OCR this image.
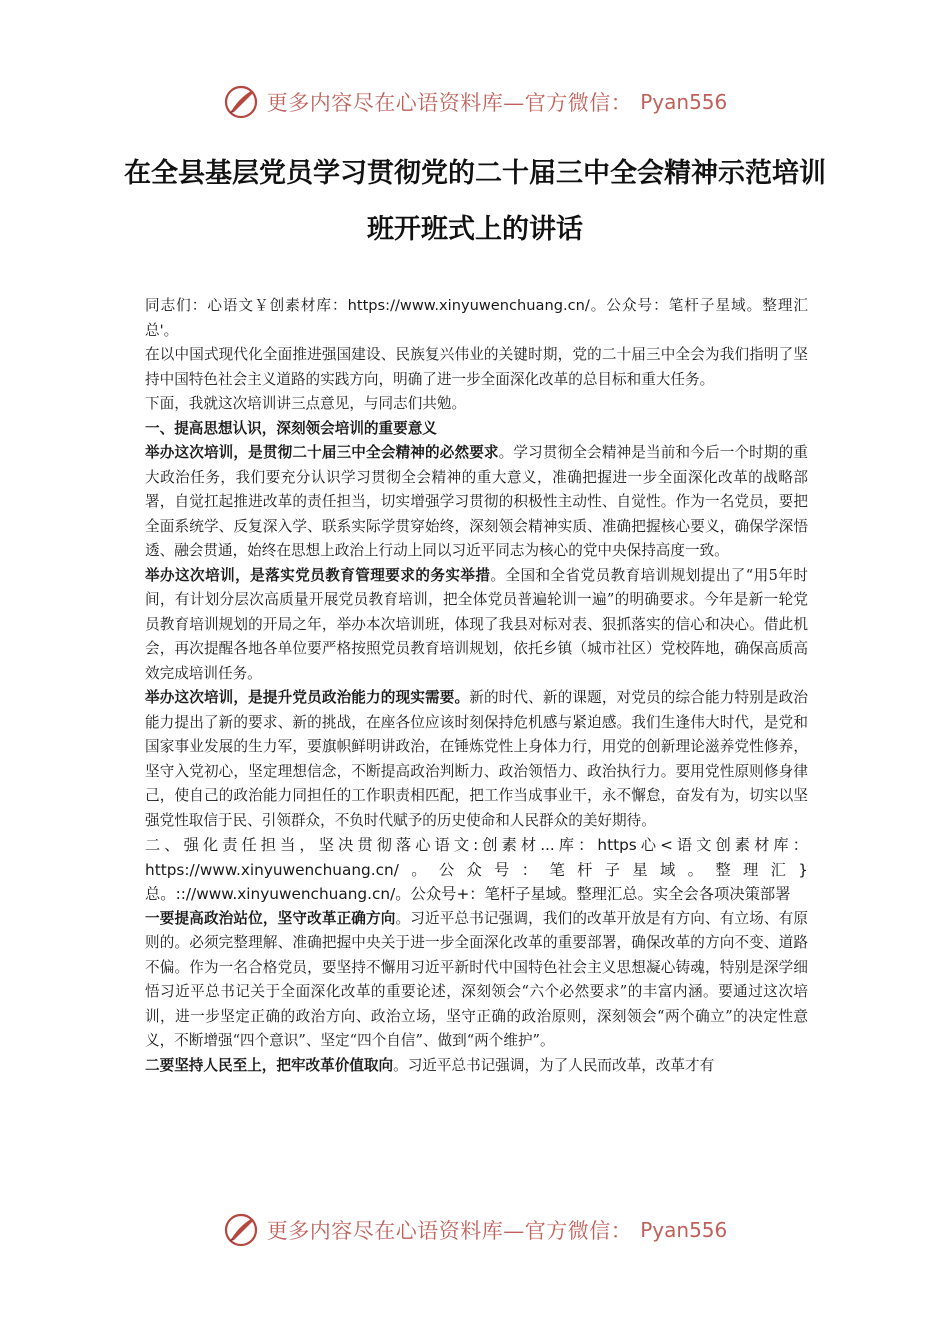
更多内容尽在心语资料库—官方微信： Pyan556
在全县基层党员学习贯彻党的二十届三中全会精神示范培训班开班式上的讲话

同志们：心语文￥创素材库：https://www.xinyuwenchuang.cn/。公众号：笔杆子星域。整理汇总'。

在以中国式现代化全面推进强国建设、民族复兴伟业的关键时期，党的二十届三中全会为我们指明了坚持中国特色社会主义道路的实践方向，明确了进一步全面深化改革的总目标和重大任务。

下面，我就这次培训讲三点意见，与同志们共勉。

一、提高思想认识，深刻领会培训的重要意义

举办这次培训，是贯彻二十届三中全会精神的必然要求。学习贯彻全会精神是当前和今后一个时期的重大政治任务，我们要充分认识学习贯彻全会精神的重大意义，准确把握进一步全面深化改革的战略部署，自觉扛起推进改革的责任担当，切实增强学习贯彻的积极性主动性、自觉性。作为一名党员，要把全面系统学、反复深入学、联系实际学贯穿始终，深刻领会精神实质、准确把握核心要义，确保学深悟透、融会贯通，始终在思想上政治上行动上同以习近平同志为核心的党中央保持高度一致。

举办这次培训，是落实党员教育管理要求的务实举措。全国和全省党员教育培训规划提出了“用5年时间，有计划分层次高质量开展党员教育培训，把全体党员普遍轮训一遍”的明确要求。今年是新一轮党员教育培训规划的开局之年，举办本次培训班，体现了我县对标对表、狠抓落实的信心和决心。借此机会，再次提醒各地各单位要严格按照党员教育培训规划，依托乡镇（城市社区）党校阵地，确保高质高效完成培训任务。

举办这次培训，是提升党员政治能力的现实需要。新的时代、新的课题，对党员的综合能力特别是政治能力提出了新的要求、新的挑战，在座各位应该时刻保持危机感与紧迫感。我们生逢伟大时代，是党和国家事业发展的生力军，要旗帜鲜明讲政治，在锤炼党性上身体力行，用党的创新理论滋养党性修养，坚守入党初心，坚定理想信念，不断提高政治判断力、政治领悟力、政治执行力。要用党性原则修身律己，使自己的政治能力同担任的工作职责相匹配，把工作当成事业干，永不懈怠，奋发有为，切实以坚强党性取信于民、引领群众，不负时代赋予的历史使命和人民群众的美好期待。

二、强化责任担当，坚决贯彻落心语文:创素材...库：https心<语文创素材库：https://www.xinyuwenchuang.cn/。公众号：笔杆子星域。整理汇}总。:://www.xinyuwenchuang.cn/。公众号+：笔杆子星域。整理汇总。实全会各项决策部署

一要提高政治站位，坚守改革正确方向。习近平总书记强调，我们的改革开放是有方向、有立场、有原则的。必须完整理解、准确把握中央关于进一步全面深化改革的重要部署，确保改革的方向不变、道路不偏。作为一名合格党员，要坚持不懈用习近平新时代中国特色社会主义思想凝心铸魂，特别是深学细悟习近平总书记关于全面深化改革的重要论述，深刻领会“六个必然要求”的丰富内涵。要通过这次培训，进一步坚定正确的政治方向、政治立场，坚守正确的政治原则，深刻领会“两个确立”的决定性意义，不断增强“四个意识”、坚定“四个自信”、做到“两个维护”。

二要坚持人民至上，把牢改革价值取向。习近平总书记强调，为了人民而改革，改革才有

更多内容尽在心语资料库—官方微信： Pyan556
